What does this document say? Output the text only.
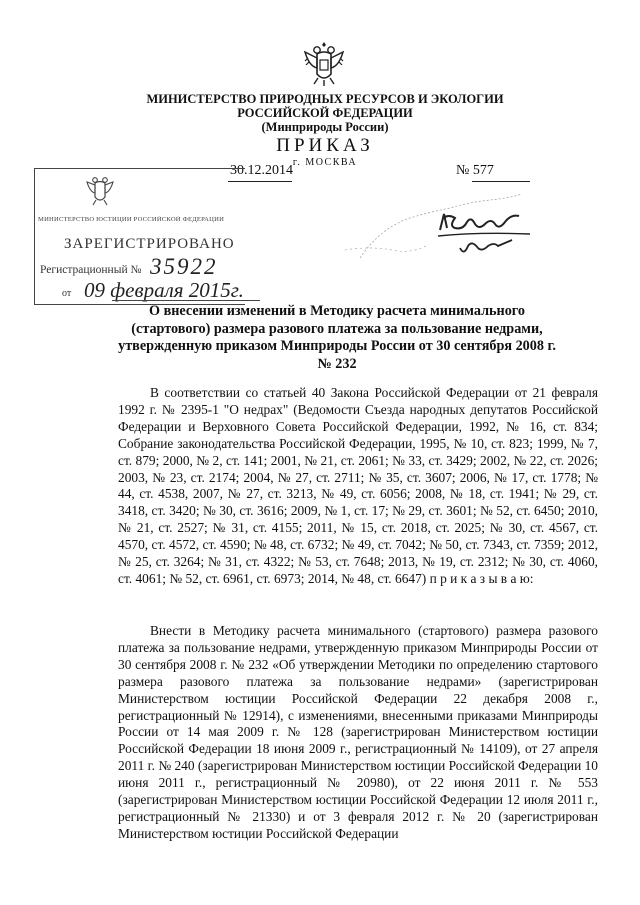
МИНИСТЕРСТВО ПРИРОДНЫХ РЕСУРСОВ И ЭКОЛОГИИ
РОССИЙСКОЙ ФЕДЕРАЦИИ
(Минприроды России)
ПРИКАЗ
г. МОСКВА
30.12.2014	№ 577
МИНИСТЕРСТВО ЮСТИЦИИ РОССИЙСКОЙ ФЕДЕРАЦИИ
ЗАРЕГИСТРИРОВАНО
Регистрационный № 35922
от 09 февраля 2015г.
О внесении изменений в Методику расчета минимального
(стартового) размера разового платежа за пользование недрами,
утвержденную приказом Минприроды России от 30 сентября 2008 г.
№ 232

В соответствии со статьей 40 Закона Российской Федерации от 21 февраля 1992 г. № 2395-1 "О недрах" (Ведомости Съезда народных депутатов Российской Федерации и Верховного Совета Российской Федерации, 1992, № 16, ст. 834; Собрание законодательства Российской Федерации, 1995, № 10, ст. 823; 1999, № 7, ст. 879; 2000, № 2, ст. 141; 2001, № 21, ст. 2061; № 33, ст. 3429; 2002, № 22, ст. 2026; 2003, № 23, ст. 2174; 2004, № 27, ст. 2711; № 35, ст. 3607; 2006, № 17, ст. 1778; № 44, ст. 4538, 2007, № 27, ст. 3213, № 49, ст. 6056; 2008, № 18, ст. 1941; № 29, ст. 3418, ст. 3420; № 30, ст. 3616; 2009, № 1, ст. 17; № 29, ст. 3601; № 52, ст. 6450; 2010, № 21, ст. 2527; № 31, ст. 4155; 2011, № 15, ст. 2018, ст. 2025; № 30, ст. 4567, ст. 4570, ст. 4572, ст. 4590; № 48, ст. 6732; № 49, ст. 7042; № 50, ст. 7343, ст. 7359; 2012, № 25, ст. 3264; № 31, ст. 4322; № 53, ст. 7648; 2013, № 19, ст. 2312; № 30, ст. 4060, ст. 4061; № 52, ст. 6961, ст. 6973; 2014, № 48, ст. 6647) п р и к а з ы в а ю:

Внести в Методику расчета минимального (стартового) размера разового платежа за пользование недрами, утвержденную приказом Минприроды России от 30 сентября 2008 г. № 232 «Об утверждении Методики по определению стартового размера разового платежа за пользование недрами» (зарегистрирован Министерством юстиции Российской Федерации 22 декабря 2008 г., регистрационный № 12914), с изменениями, внесенными приказами Минприроды России от 14 мая 2009 г. № 128 (зарегистрирован Министерством юстиции Российской Федерации 18 июня 2009 г., регистрационный № 14109), от 27 апреля 2011 г. № 240 (зарегистрирован Министерством юстиции Российской Федерации 10 июня 2011 г., регистрационный № 20980), от 22 июня 2011 г. № 553 (зарегистрирован Министерством юстиции Российской Федерации 12 июля 2011 г., регистрационный № 21330) и от 3 февраля 2012 г. № 20 (зарегистрирован Министерством юстиции Российской Федерации
